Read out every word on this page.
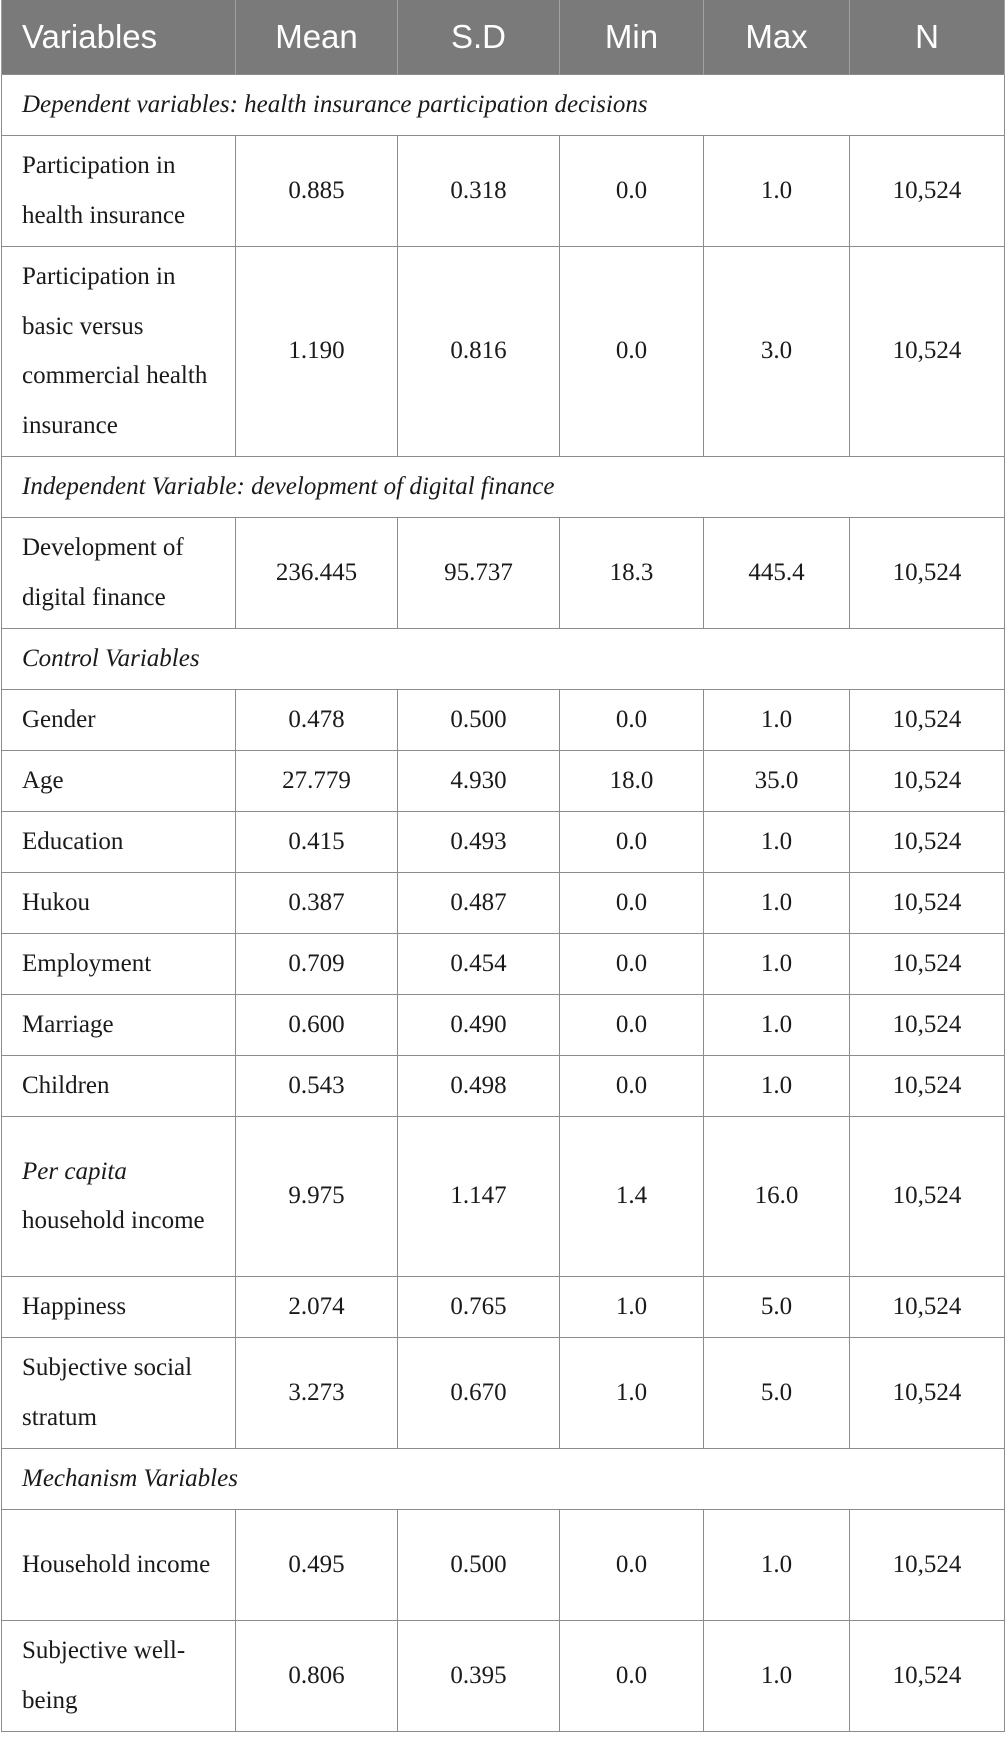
Variables	Mean	S.D	Min	Max	N
Dependent variables: health insurance participation decisions					
Participation in health insurance	0.885	0.318	0.0	1.0	10,524
Participation in basic versus commercial health insurance	1.190	0.816	0.0	3.0	10,524
Independent Variable: development of digital finance					
Development of digital finance	236.445	95.737	18.3	445.4	10,524
Control Variables					
Gender	0.478	0.500	0.0	1.0	10,524
Age	27.779	4.930	18.0	35.0	10,524
Education	0.415	0.493	0.0	1.0	10,524
Hukou	0.387	0.487	0.0	1.0	10,524
Employment	0.709	0.454	0.0	1.0	10,524
Marriage	0.600	0.490	0.0	1.0	10,524
Children	0.543	0.498	0.0	1.0	10,524
Per capita household income	9.975	1.147	1.4	16.0	10,524
Happiness	2.074	0.765	1.0	5.0	10,524
Subjective social stratum	3.273	0.670	1.0	5.0	10,524
Mechanism Variables					
Household income	0.495	0.500	0.0	1.0	10,524
Subjective well-being	0.806	0.395	0.0	1.0	10,524
